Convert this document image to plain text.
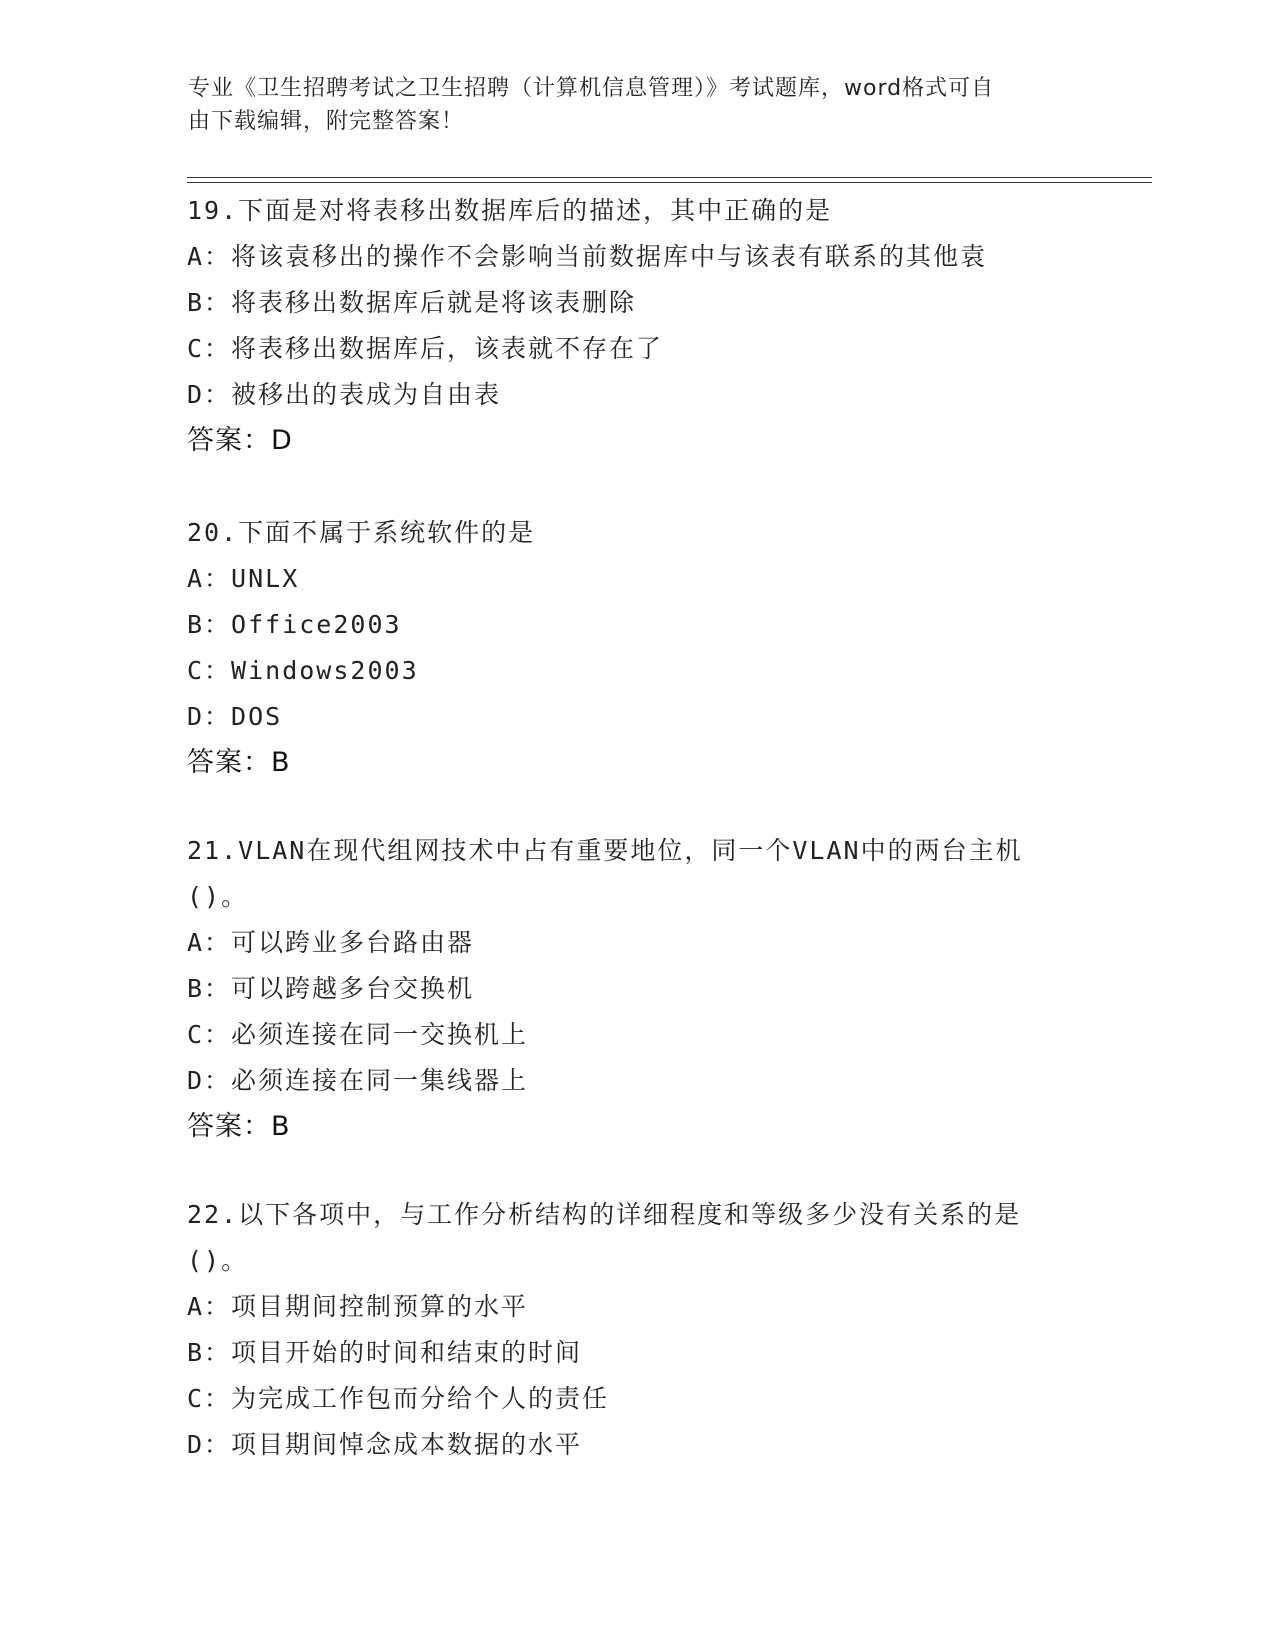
专业《卫生招聘考试之卫生招聘（计算机信息管理）》考试题库，word格式可自
由下载编辑，附完整答案！
19.下面是对将表移出数据库后的描述，其中正确的是
A：将该袁移出的操作不会影响当前数据库中与该表有联系的其他袁
B：将表移出数据库后就是将该表删除
C：将表移出数据库后，该表就不存在了
D：被移出的表成为自由表
答案：D
20.下面不属于系统软件的是
A：UNLX
B：Office2003
C：Windows2003
D：DOS
答案：B
21.VLAN在现代组网技术中占有重要地位，同一个VLAN中的两台主机
()。
A：可以跨业多台路由器
B：可以跨越多台交换机
C：必须连接在同一交换机上
D：必须连接在同一集线器上
答案：B
22.以下各项中，与工作分析结构的详细程度和等级多少没有关系的是
()。
A：项目期间控制预算的水平
B：项目开始的时间和结束的时间
C：为完成工作包而分给个人的责任
D：项目期间悼念成本数据的水平
